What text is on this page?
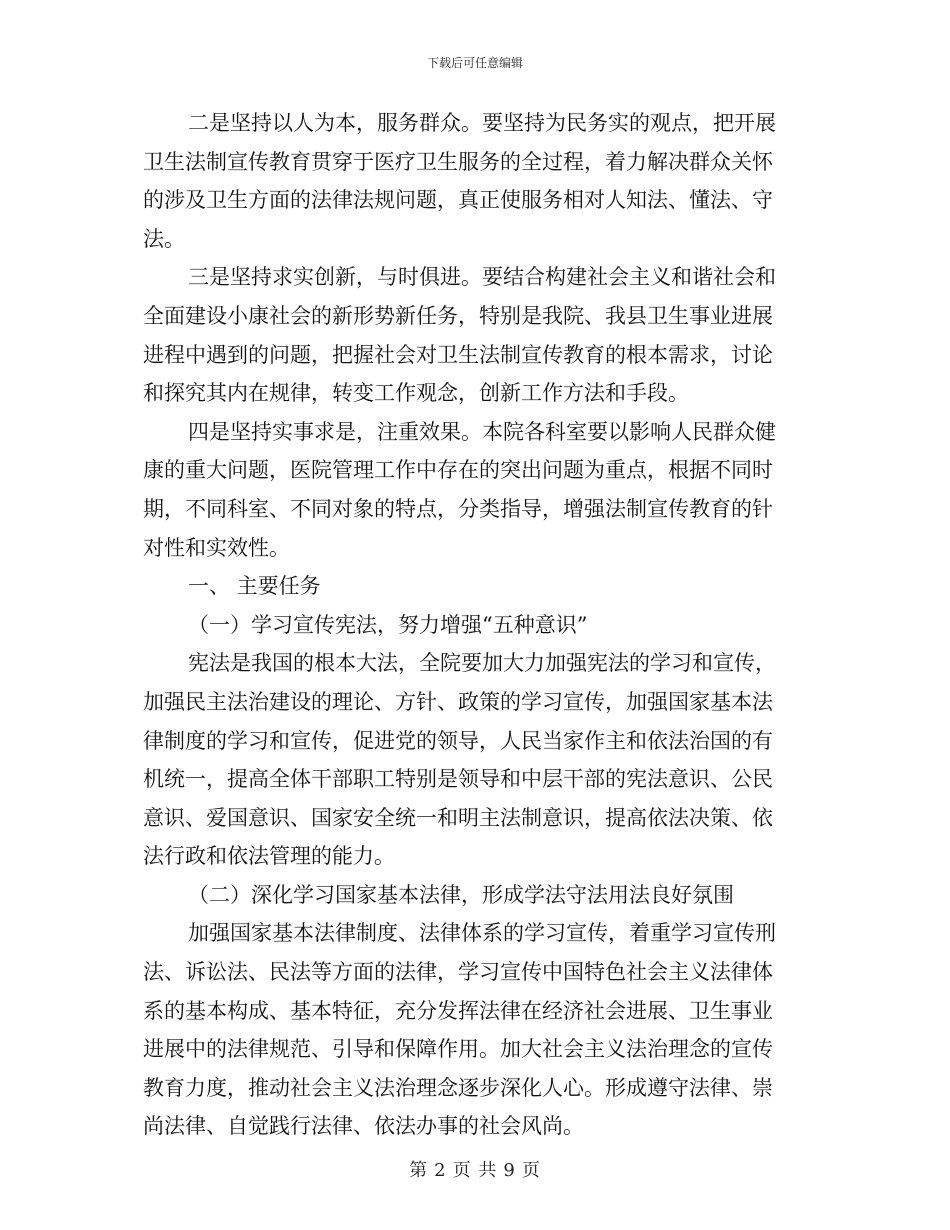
下载后可任意编辑
二是坚持以人为本，服务群众。要坚持为民务实的观点，把开展
卫生法制宣传教育贯穿于医疗卫生服务的全过程，着力解决群众关怀
的涉及卫生方面的法律法规问题，真正使服务相对人知法、懂法、守
法。
三是坚持求实创新，与时俱进。要结合构建社会主义和谐社会和
全面建设小康社会的新形势新任务，特别是我院、我县卫生事业进展
进程中遇到的问题，把握社会对卫生法制宣传教育的根本需求，讨论
和探究其内在规律，转变工作观念，创新工作方法和手段。
四是坚持实事求是，注重效果。本院各科室要以影响人民群众健
康的重大问题，医院管理工作中存在的突出问题为重点，根据不同时
期，不同科室、不同对象的特点，分类指导，增强法制宣传教育的针
对性和实效性。
一、 主要任务
（一）学习宣传宪法，努力增强“五种意识”
宪法是我国的根本大法，全院要加大力加强宪法的学习和宣传，
加强民主法治建设的理论、方针、政策的学习宣传，加强国家基本法
律制度的学习和宣传，促进党的领导，人民当家作主和依法治国的有
机统一，提高全体干部职工特别是领导和中层干部的宪法意识、公民
意识、爱国意识、国家安全统一和明主法制意识，提高依法决策、依
法行政和依法管理的能力。
（二）深化学习国家基本法律，形成学法守法用法良好氛围
加强国家基本法律制度、法律体系的学习宣传，着重学习宣传刑
法、诉讼法、民法等方面的法律，学习宣传中国特色社会主义法律体
系的基本构成、基本特征，充分发挥法律在经济社会进展、卫生事业
进展中的法律规范、引导和保障作用。加大社会主义法治理念的宣传
教育力度，推动社会主义法治理念逐步深化人心。形成遵守法律、崇
尚法律、自觉践行法律、依法办事的社会风尚。
第 2 页 共 9 页
